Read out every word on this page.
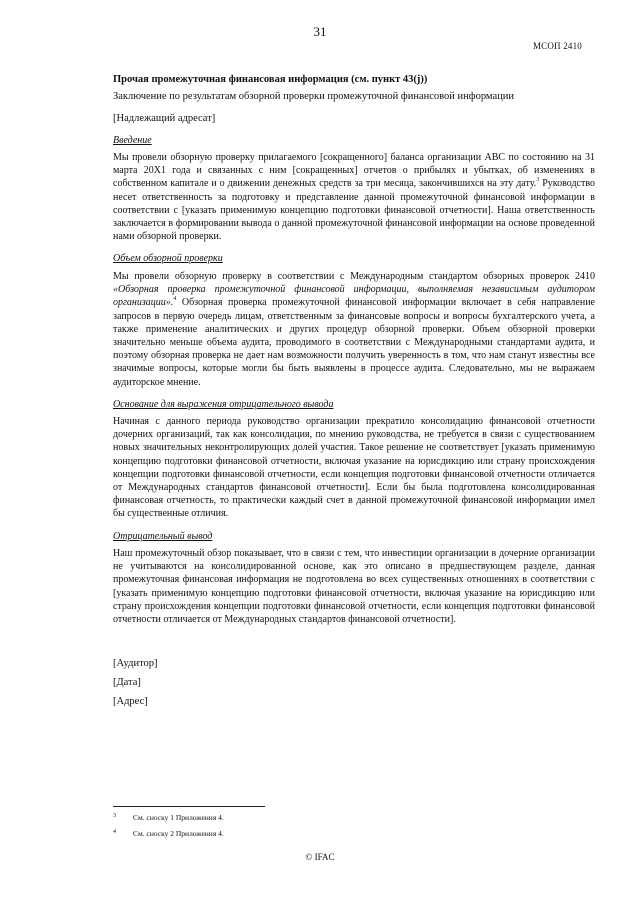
31
МСОП 2410
Прочая промежуточная финансовая информация (см. пункт 43(j))
Заключение по результатам обзорной проверки промежуточной финансовой информации
[Надлежащий адресат]
Введение
Мы провели обзорную проверку прилагаемого [сокращенного] баланса организации ABC по состоянию на 31 марта 20X1 года и связанных с ним [сокращенных] отчетов о прибылях и убытках, об изменениях в собственном капитале и о движении денежных средств за три месяца, закончившихся на эту дату.$^3$ Руководство несет ответственность за подготовку и представление данной промежуточной финансовой информации в соответствии с [указать применимую концепцию подготовки финансовой отчетности]. Наша ответственность заключается в формировании вывода о данной промежуточной финансовой информации на основе проведенной нами обзорной проверки.
Объем обзорной проверки
Мы провели обзорную проверку в соответствии с Международным стандартом обзорных проверок 2410 «Обзорная проверка промежуточной финансовой информации, выполняемая независимым аудитором организации».$^4$ Обзорная проверка промежуточной финансовой информации включает в себя направление запросов в первую очередь лицам, ответственным за финансовые вопросы и вопросы бухгалтерского учета, а также применение аналитических и других процедур обзорной проверки. Объем обзорной проверки значительно меньше объема аудита, проводимого в соответствии с Международными стандартами аудита, и поэтому обзорная проверка не дает нам возможности получить уверенность в том, что нам станут известны все значимые вопросы, которые могли бы быть выявлены в процессе аудита. Следовательно, мы не выражаем аудиторское мнение.
Основание для выражения отрицательного вывода
Начиная с данного периода руководство организации прекратило консолидацию финансовой отчетности дочерних организаций, так как консолидация, по мнению руководства, не требуется в связи с существованием новых значительных неконтролирующих долей участия. Такое решение не соответствует [указать применимую концепцию подготовки финансовой отчетности, включая указание на юрисдикцию или страну происхождения концепции подготовки финансовой отчетности, если концепция подготовки финансовой отчетности отличается от Международных стандартов финансовой отчетности]. Если бы была подготовлена консолидированная финансовая отчетность, то практически каждый счет в данной промежуточной финансовой информации имел бы существенные отличия.
Отрицательный вывод
Наш промежуточный обзор показывает, что в связи с тем, что инвестиции организации в дочерние организации не учитываются на консолидированной основе, как это описано в предшествующем разделе, данная промежуточная финансовая информация не подготовлена во всех существенных отношениях в соответствии с [указать применимую концепцию подготовки финансовой отчетности, включая указание на юрисдикцию или страну происхождения концепции подготовки финансовой отчетности, если концепция подготовки финансовой отчетности отличается от Международных стандартов финансовой отчетности].
[Аудитор]
[Дата]
[Адрес]
3 См. сноску 1 Приложения 4.
4 См. сноску 2 Приложения 4.
© IFAC
